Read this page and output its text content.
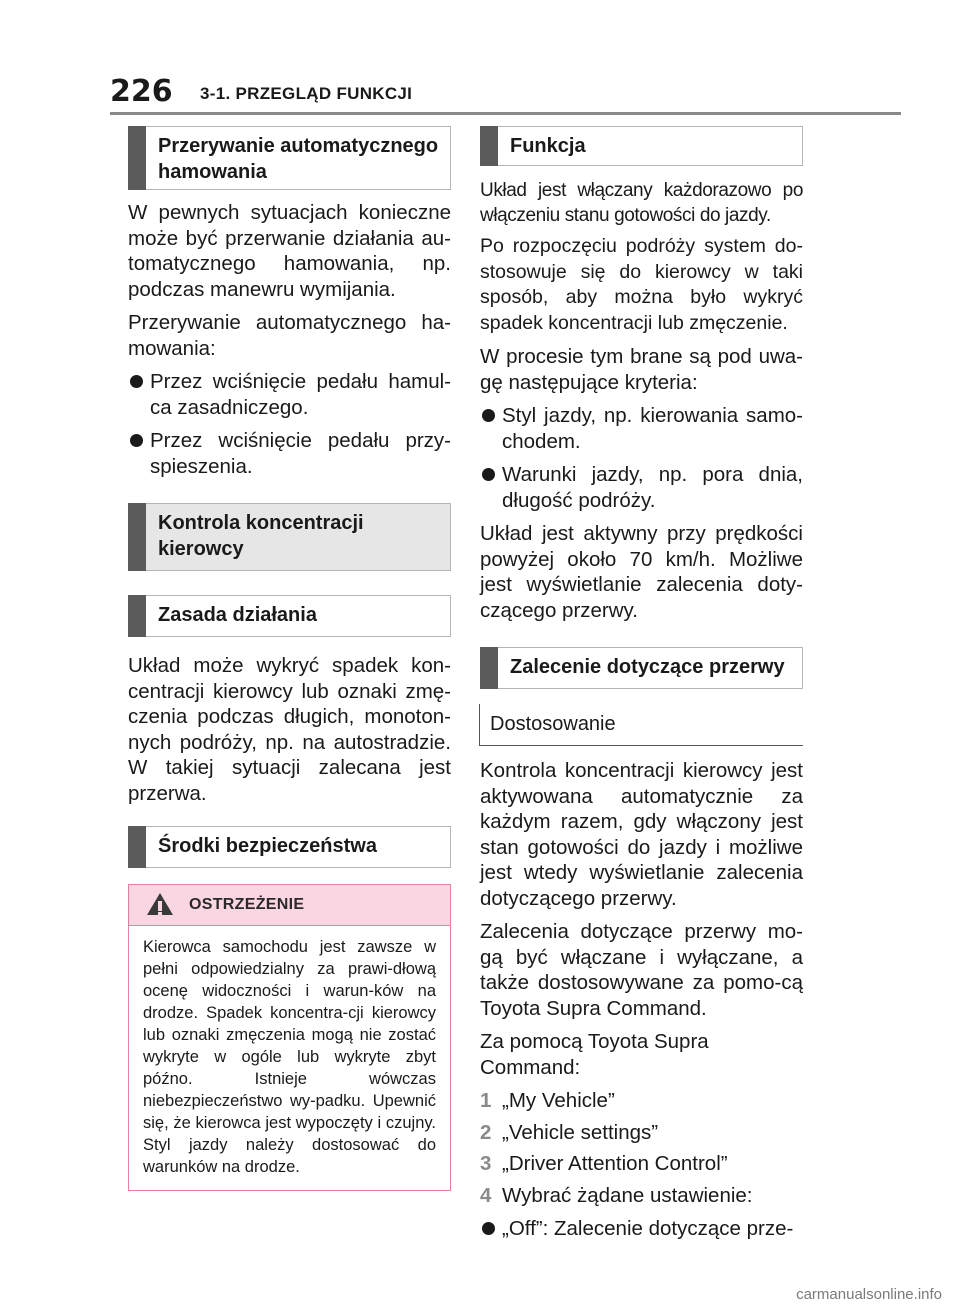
226 3-1. PRZEGLĄD FUNKCJI
Przerywanie automatycznego hamowania

W pewnych sytuacjach konieczne może być przerwanie działania au-tomatycznego hamowania, np. podczas manewru wymijania.

Przerywanie automatycznego ha-mowania:

Przez wciśnięcie pedału hamul-ca zasadniczego.
Przez wciśnięcie pedału przy-spieszenia.
Kontrola koncentracji kierowcy
Zasada działania

Układ może wykryć spadek kon-centracji kierowcy lub oznaki zmę-czenia podczas długich, monoton-nych podróży, np. na autostradzie. W takiej sytuacji zalecana jest przerwa.

Środki bezpieczeństwa
OSTRZEŻENIE
Kierowca samochodu jest zawsze w pełni odpowiedzialny za prawi-dłową ocenę widoczności i warun-ków na drodze. Spadek koncentra-cji kierowcy lub oznaki zmęczenia mogą nie zostać wykryte w ogóle lub wykryte zbyt późno. Istnieje wówczas niebezpieczeństwo wy-padku. Upewnić się, że kierowca jest wypoczęty i czujny. Styl jazdy należy dostosować do warunków na drodze.
Funkcja

Układ jest włączany każdorazowo po włączeniu stanu gotowości do jazdy.

Po rozpoczęciu podróży system do-stosowuje się do kierowcy w taki sposób, aby można było wykryć spadek koncentracji lub zmęczenie.

W procesie tym brane są pod uwa-gę następujące kryteria:

Styl jazdy, np. kierowania samo-chodem.
Warunki jazdy, np. pora dnia, długość podróży.

Układ jest aktywny przy prędkości powyżej około 70 km/h. Możliwe jest wyświetlanie zalecenia doty-czącego przerwy.

Zalecenie dotyczące przerwy
Dostosowanie

Kontrola koncentracji kierowcy jest aktywowana automatycznie za każdym razem, gdy włączony jest stan gotowości do jazdy i możliwe jest wtedy wyświetlanie zalecenia dotyczącego przerwy.

Zalecenia dotyczące przerwy mo-gą być włączane i wyłączane, a także dostosowywane za pomo-cą Toyota Supra Command.

Za pomocą Toyota Supra Command:

1 „My Vehicle”
2 „Vehicle settings”
3 „Driver Attention Control”
4 Wybrać żądane ustawienie:
„Off”: Zalecenie dotyczące prze-
carmanualsonline.info
